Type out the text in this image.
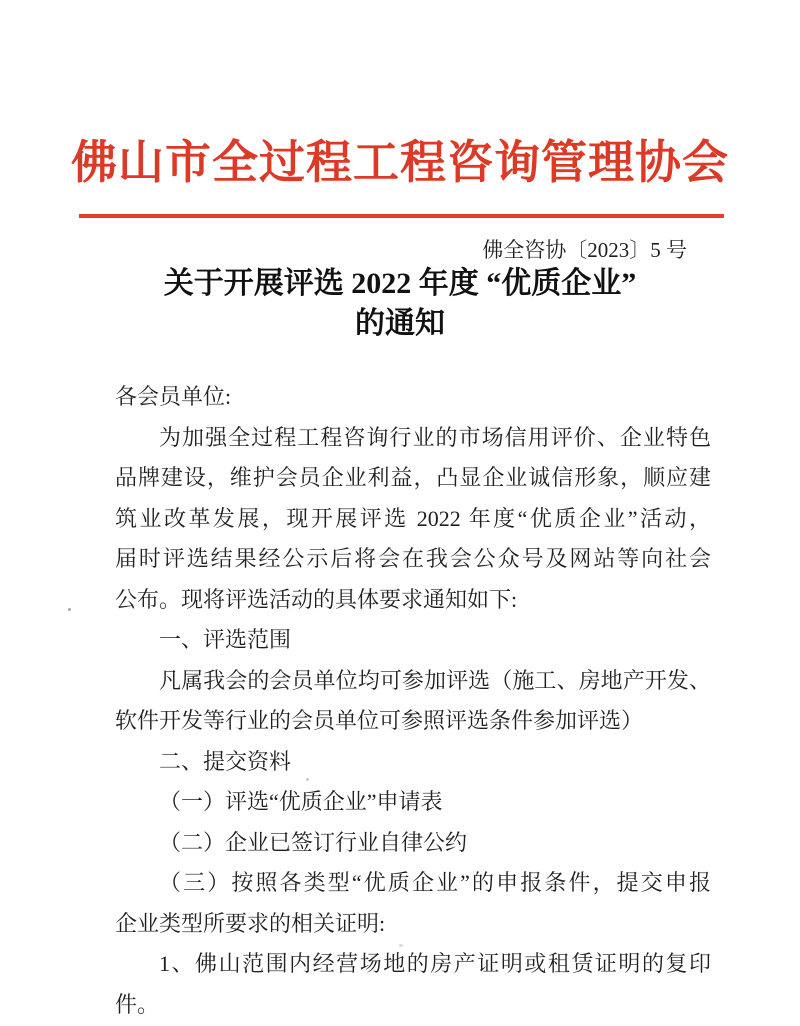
佛山市全过程工程咨询管理协会
佛全咨协〔2023〕5 号
关于开展评选 2022 年度 “优质企业”
的通知
各会员单位:
为加强全过程工程咨询行业的市场信用评价、企业特色
品牌建设，维护会员企业利益，凸显企业诚信形象，顺应建
筑业改革发展，现开展评选 2022 年度“优质企业”活动，
届时评选结果经公示后将会在我会公众号及网站等向社会
公布。现将评选活动的具体要求通知如下:
一、评选范围
凡属我会的会员单位均可参加评选（施工、房地产开发、
软件开发等行业的会员单位可参照评选条件参加评选）
二、提交资料
（一）评选“优质企业”申请表
（二）企业已签订行业自律公约
（三）按照各类型“优质企业”的申报条件，提交申报
企业类型所要求的相关证明:
1、佛山范围内经营场地的房产证明或租赁证明的复印
件。
